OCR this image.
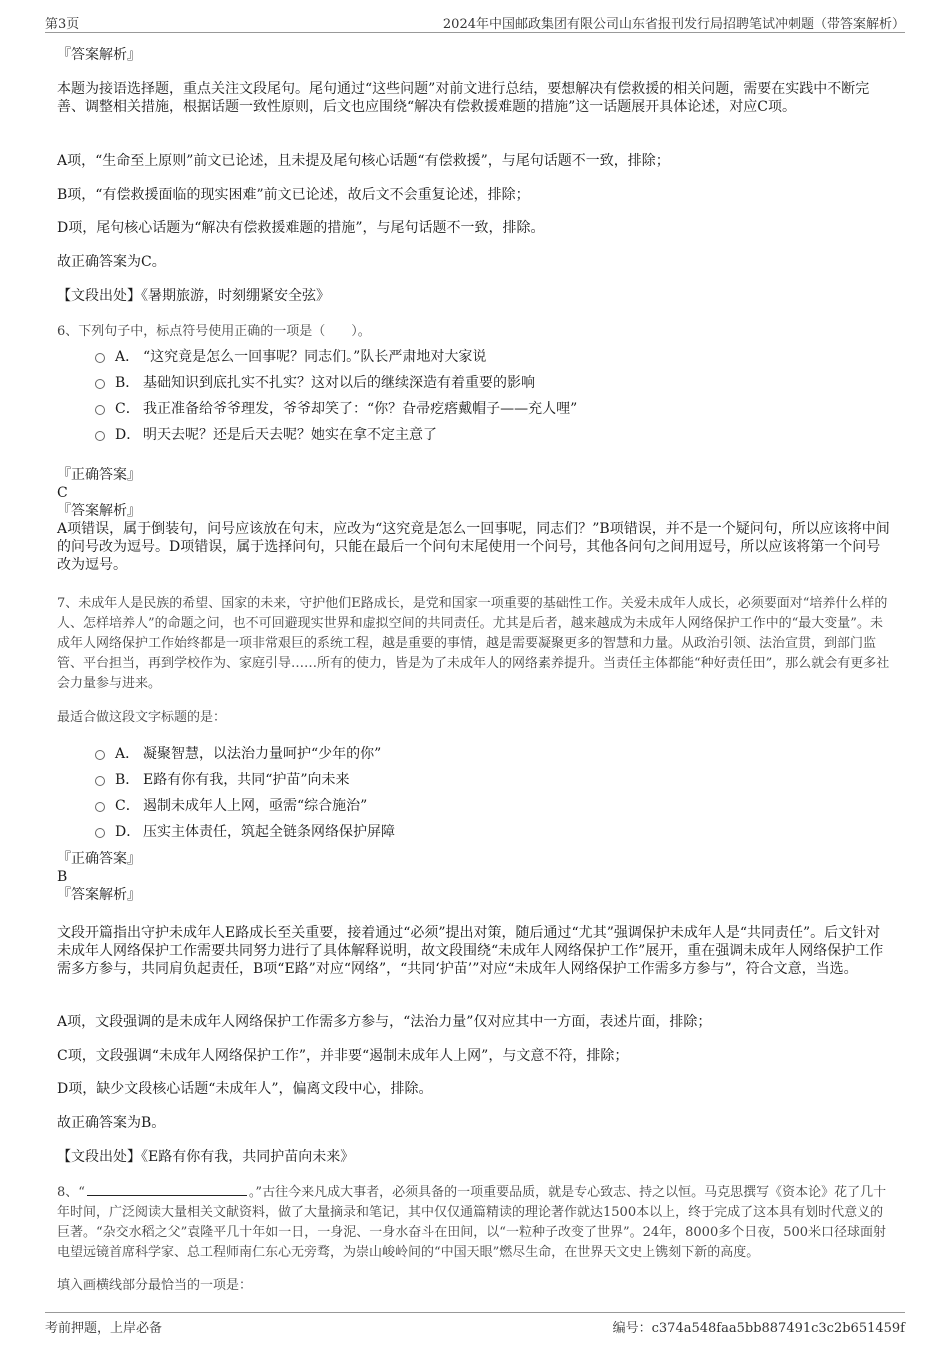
第3页	2024年中国邮政集团有限公司山东省报刊发行局招聘笔试冲刺题（带答案解析）

『答案解析』

本题为接语选择题，重点关注文段尾句。尾句通过“这些问题”对前文进行总结，要想解决有偿救援的相关问题，需要在实践中不断完善、调整相关措施，根据话题一致性原则，后文也应围绕“解决有偿救援难题的措施”这一话题展开具体论述，对应C项。

A项，“生命至上原则”前文已论述，且未提及尾句核心话题“有偿救援”，与尾句话题不一致，排除；

B项，“有偿救援面临的现实困难”前文已论述，故后文不会重复论述，排除；

D项，尾句核心话题为“解决有偿救援难题的措施”，与尾句话题不一致，排除。

故正确答案为C。

【文段出处】《暑期旅游，时刻绷紧安全弦》

6、下列句子中，标点符号使用正确的一项是（　　）。

A． “这究竟是怎么一回事呢？同志们。”队长严肃地对大家说
B． 基础知识到底扎实不扎实？这对以后的继续深造有着重要的影响
C． 我正准备给爷爷理发，爷爷却笑了：“你？旮帚疙瘩戴帽子——充人哩”
D． 明天去呢？还是后天去呢？她实在拿不定主意了

『正确答案』

C

『答案解析』

A项错误，属于倒装句，问号应该放在句末，应改为“这究竟是怎么一回事呢，同志们？”B项错误，并不是一个疑问句，所以应该将中间的问号改为逗号。D项错误，属于选择问句，只能在最后一个问句末尾使用一个问号，其他各问句之间用逗号，所以应该将第一个问号改为逗号。

7、未成年人是民族的希望、国家的未来，守护他们E路成长，是党和国家一项重要的基础性工作。关爱未成年人成长，必须要面对“培养什么样的人、怎样培养人”的命题之问，也不可回避现实世界和虚拟空间的共同责任。尤其是后者，越来越成为未成年人网络保护工作中的“最大变量”。未成年人网络保护工作始终都是一项非常艰巨的系统工程，越是重要的事情，越是需要凝聚更多的智慧和力量。从政治引领、法治宣贯，到部门监管、平台担当，再到学校作为、家庭引导……所有的使力，皆是为了未成年人的网络素养提升。当责任主体都能“种好责任田”，那么就会有更多社会力量参与进来。

最适合做这段文字标题的是：

A． 凝聚智慧，以法治力量呵护“少年的你”
B． E路有你有我，共同“护苗”向未来
C． 遏制未成年人上网，亟需“综合施治”
D． 压实主体责任，筑起全链条网络保护屏障

『正确答案』

B

『答案解析』

文段开篇指出守护未成年人E路成长至关重要，接着通过“必须”提出对策，随后通过“尤其”强调保护未成年人是“共同责任”。后文针对未成年人网络保护工作需要共同努力进行了具体解释说明，故文段围绕“未成年人网络保护工作”展开，重在强调未成年人网络保护工作需多方参与，共同肩负起责任，B项“E路”对应“网络”，“共同‘护苗’”对应“未成年人网络保护工作需多方参与”，符合文意，当选。

A项，文段强调的是未成年人网络保护工作需多方参与，“法治力量”仅对应其中一方面，表述片面，排除；

C项，文段强调“未成年人网络保护工作”，并非要“遏制未成年人上网”，与文意不符，排除；

D项，缺少文段核心话题“未成年人”，偏离文段中心，排除。

故正确答案为B。

【文段出处】《E路有你有我，共同护苗向未来》

8、“	。”古往今来凡成大事者，必须具备的一项重要品质，就是专心致志、持之以恒。马克思撰写《资本论》花了几十年时间，广泛阅读大量相关文献资料，做了大量摘录和笔记，其中仅仅通篇精读的理论著作就达1500本以上，终于完成了这本具有划时代意义的巨著。“杂交水稻之父”袁隆平几十年如一日，一身泥、一身水奋斗在田间，以“一粒种子改变了世界”。24年，8000多个日夜，500米口径球面射电望远镜首席科学家、总工程师南仁东心无旁骛，为崇山峻岭间的“中国天眼”燃尽生命，在世界天文史上镌刻下新的高度。

填入画横线部分最恰当的一项是：

考前押题，上岸必备	编号：c374a548faa5bb887491c3c2b651459f
